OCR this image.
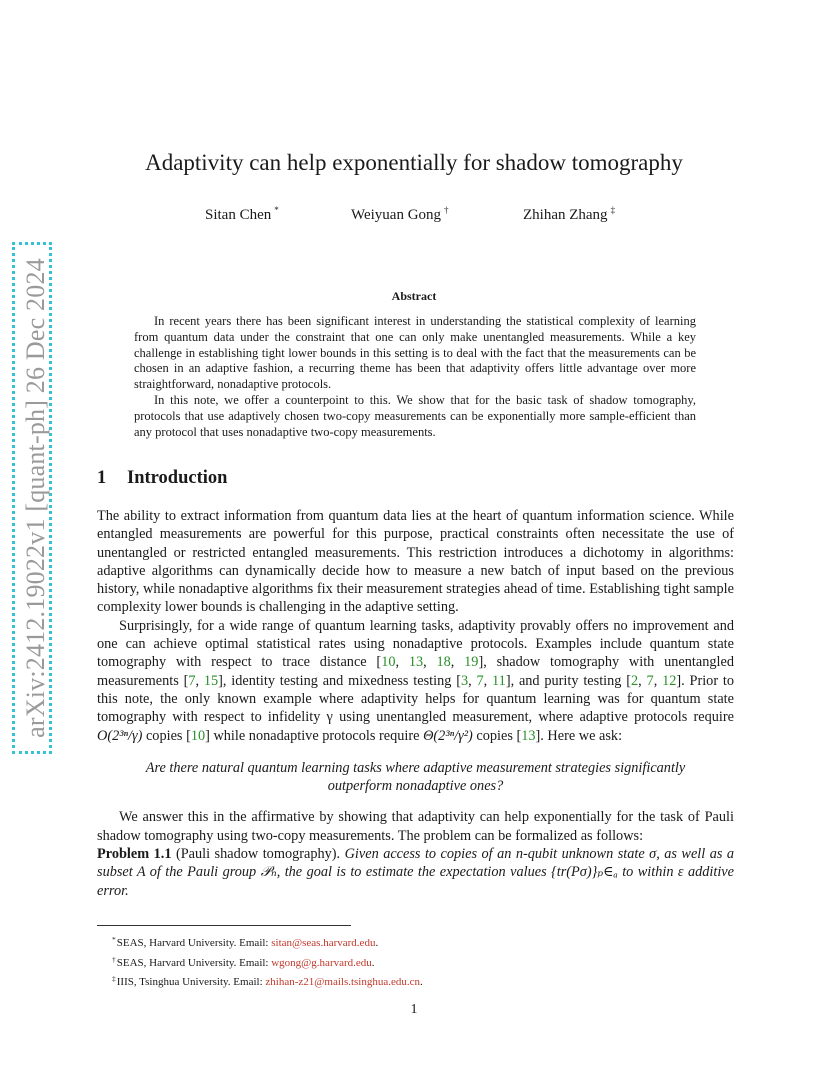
arXiv:2412.19022v1 [quant-ph] 26 Dec 2024
Adaptivity can help exponentially for shadow tomography
Sitan Chen *	Weiyuan Gong †	Zhihan Zhang ‡
Abstract

In recent years there has been significant interest in understanding the statistical complexity of learning from quantum data under the constraint that one can only make unentangled measurements. While a key challenge in establishing tight lower bounds in this setting is to deal with the fact that the measurements can be chosen in an adaptive fashion, a recurring theme has been that adaptivity offers little advantage over more straightforward, nonadaptive protocols.

In this note, we offer a counterpoint to this. We show that for the basic task of shadow tomography, protocols that use adaptively chosen two-copy measurements can be exponentially more sample-efficient than any protocol that uses nonadaptive two-copy measurements.

1 Introduction

The ability to extract information from quantum data lies at the heart of quantum information science. While entangled measurements are powerful for this purpose, practical constraints often necessitate the use of unentangled or restricted entangled measurements. This restriction introduces a dichotomy in algorithms: adaptive algorithms can dynamically decide how to measure a new batch of input based on the previous history, while nonadaptive algorithms fix their measurement strategies ahead of time. Establishing tight sample complexity lower bounds is challenging in the adaptive setting.

Surprisingly, for a wide range of quantum learning tasks, adaptivity provably offers no improvement and one can achieve optimal statistical rates using nonadaptive protocols. Examples include quantum state tomography with respect to trace distance [10, 13, 18, 19], shadow tomography with unentangled measurements [7, 15], identity testing and mixedness testing [3, 7, 11], and purity testing [2, 7, 12]. Prior to this note, the only known example where adaptivity helps for quantum learning was for quantum state tomography with respect to infidelity γ using unentangled measurement, where adaptive protocols require O(2³ⁿ/γ) copies [10] while nonadaptive protocols require Θ(2³ⁿ/γ²) copies [13]. Here we ask:

Are there natural quantum learning tasks where adaptive measurement strategies significantly
outperform nonadaptive ones?

We answer this in the affirmative by showing that adaptivity can help exponentially for the task of Pauli shadow tomography using two-copy measurements. The problem can be formalized as follows:

Problem 1.1 (Pauli shadow tomography). Given access to copies of an n-qubit unknown state σ, as well as a subset A of the Pauli group 𝒫ₙ, the goal is to estimate the expectation values {tr(Pσ)}ₚ∈ₐ to within ε additive error.

*SEAS, Harvard University. Email: sitan@seas.harvard.edu.
†SEAS, Harvard University. Email: wgong@g.harvard.edu.
‡IIIS, Tsinghua University. Email: zhihan-z21@mails.tsinghua.edu.cn.
1
